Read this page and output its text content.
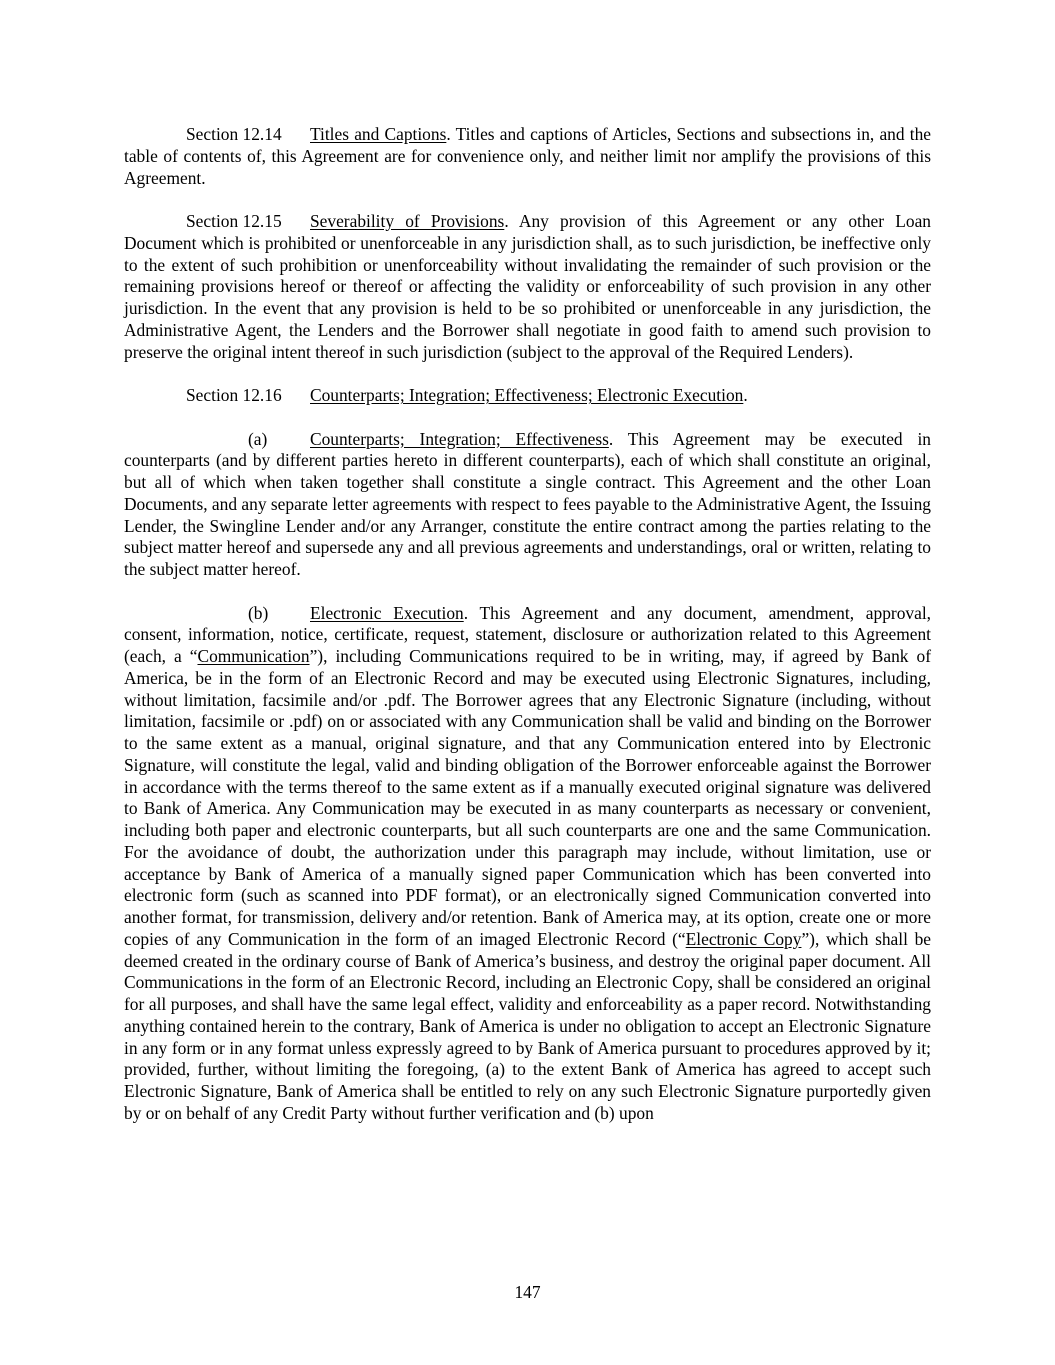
Section 12.14 Titles and Captions. Titles and captions of Articles, Sections and subsections in, and the table of contents of, this Agreement are for convenience only, and neither limit nor amplify the provisions of this Agreement.

Section 12.15 Severability of Provisions. Any provision of this Agreement or any other Loan Document which is prohibited or unenforceable in any jurisdiction shall, as to such jurisdiction, be ineffective only to the extent of such prohibition or unenforceability without invalidating the remainder of such provision or the remaining provisions hereof or thereof or affecting the validity or enforceability of such provision in any other jurisdiction. In the event that any provision is held to be so prohibited or unenforceable in any jurisdiction, the Administrative Agent, the Lenders and the Borrower shall negotiate in good faith to amend such provision to preserve the original intent thereof in such jurisdiction (subject to the approval of the Required Lenders).

Section 12.16 Counterparts; Integration; Effectiveness; Electronic Execution.

(a) Counterparts; Integration; Effectiveness. This Agreement may be executed in counterparts (and by different parties hereto in different counterparts), each of which shall constitute an original, but all of which when taken together shall constitute a single contract. This Agreement and the other Loan Documents, and any separate letter agreements with respect to fees payable to the Administrative Agent, the Issuing Lender, the Swingline Lender and/or any Arranger, constitute the entire contract among the parties relating to the subject matter hereof and supersede any and all previous agreements and understandings, oral or written, relating to the subject matter hereof.

(b) Electronic Execution. This Agreement and any document, amendment, approval, consent, information, notice, certificate, request, statement, disclosure or authorization related to this Agreement (each, a “Communication”), including Communications required to be in writing, may, if agreed by Bank of America, be in the form of an Electronic Record and may be executed using Electronic Signatures, including, without limitation, facsimile and/or .pdf. The Borrower agrees that any Electronic Signature (including, without limitation, facsimile or .pdf) on or associated with any Communication shall be valid and binding on the Borrower to the same extent as a manual, original signature, and that any Communication entered into by Electronic Signature, will constitute the legal, valid and binding obligation of the Borrower enforceable against the Borrower in accordance with the terms thereof to the same extent as if a manually executed original signature was delivered to Bank of America. Any Communication may be executed in as many counterparts as necessary or convenient, including both paper and electronic counterparts, but all such counterparts are one and the same Communication. For the avoidance of doubt, the authorization under this paragraph may include, without limitation, use or acceptance by Bank of America of a manually signed paper Communication which has been converted into electronic form (such as scanned into PDF format), or an electronically signed Communication converted into another format, for transmission, delivery and/or retention. Bank of America may, at its option, create one or more copies of any Communication in the form of an imaged Electronic Record (“Electronic Copy”), which shall be deemed created in the ordinary course of Bank of America’s business, and destroy the original paper document. All Communications in the form of an Electronic Record, including an Electronic Copy, shall be considered an original for all purposes, and shall have the same legal effect, validity and enforceability as a paper record. Notwithstanding anything contained herein to the contrary, Bank of America is under no obligation to accept an Electronic Signature in any form or in any format unless expressly agreed to by Bank of America pursuant to procedures approved by it; provided, further, without limiting the foregoing, (a) to the extent Bank of America has agreed to accept such Electronic Signature, Bank of America shall be entitled to rely on any such Electronic Signature purportedly given by or on behalf of any Credit Party without further verification and (b) upon

147
